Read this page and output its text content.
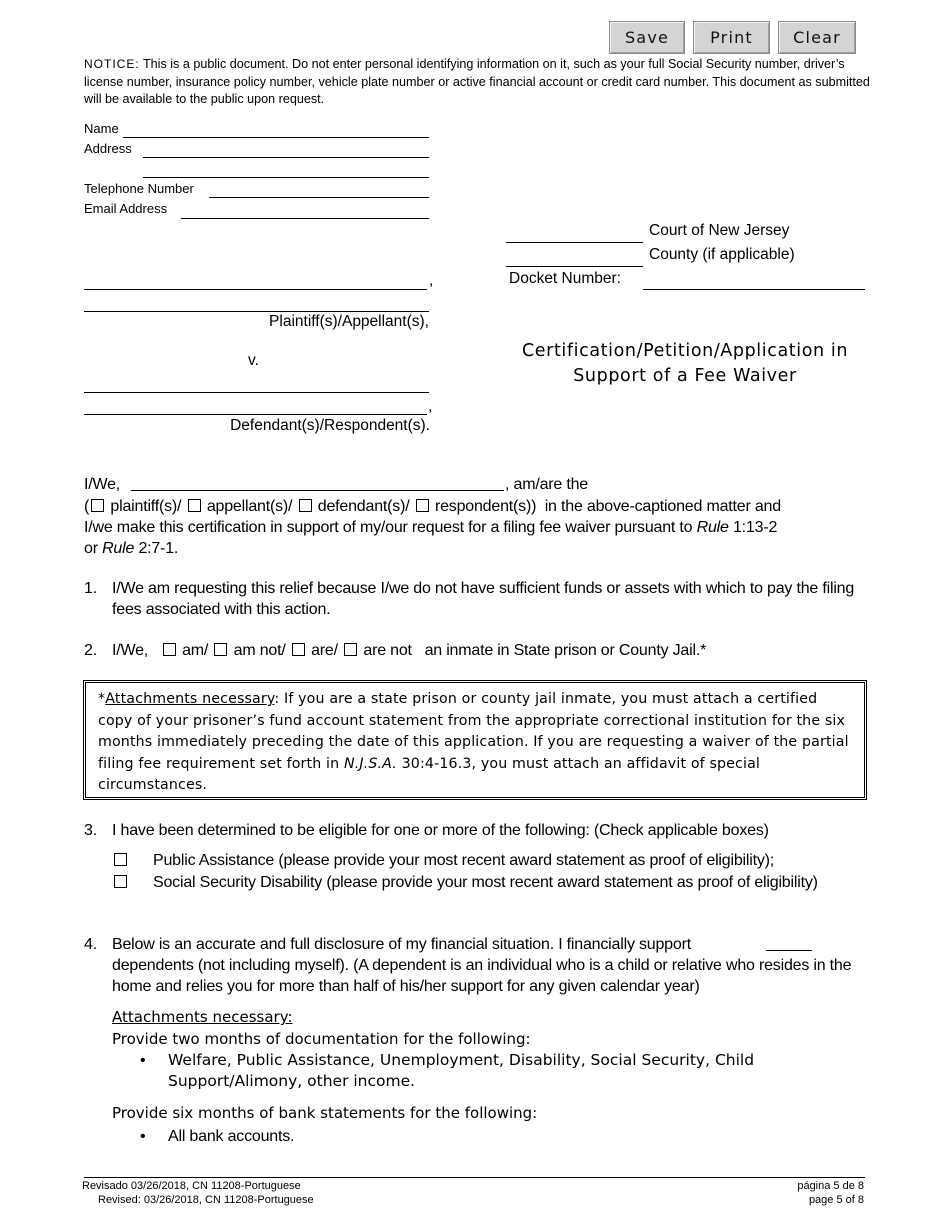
Save	Print	Clear
NOTICE: This is a public document. Do not enter personal identifying information on it, such as your full Social Security number, driver’s license number, insurance policy number, vehicle plate number or active financial account or credit card number. This document as submitted will be available to the public upon request.
Name
Address
Telephone Number
Email Address
Court of New Jersey
County (if applicable)
Docket Number:
,
Plaintiff(s)/Appellant(s),
v.
,
Defendant(s)/Respondent(s).
Certification/Petition/Application in
Support of a Fee Waiver
I/We,	, am/are the
( plaintiff(s)/ appellant(s)/ defendant(s)/ respondent(s)) in the above-captioned matter and
I/we make this certification in support of my/our request for a filing fee waiver pursuant to Rule 1:13-2
or Rule 2:7-1.
1. I/We am requesting this relief because I/we do not have sufficient funds or assets with which to pay the filing fees associated with this action.
2. I/We, am/ am not/ are/ are not an inmate in State prison or County Jail.*
*Attachments necessary: If you are a state prison or county jail inmate, you must attach a certified copy of your prisoner’s fund account statement from the appropriate correctional institution for the six months immediately preceding the date of this application. If you are requesting a waiver of the partial filing fee requirement set forth in N.J.S.A. 30:4-16.3, you must attach an affidavit of special circumstances.
3. I have been determined to be eligible for one or more of the following: (Check applicable boxes)
Public Assistance (please provide your most recent award statement as proof of eligibility);
Social Security Disability (please provide your most recent award statement as proof of eligibility)
4. Below is an accurate and full disclosure of my financial situation. I financially support
dependents (not including myself). (A dependent is an individual who is a child or relative who resides in the home and relies you for more than half of his/her support for any given calendar year)
Attachments necessary:
Provide two months of documentation for the following:
• Welfare, Public Assistance, Unemployment, Disability, Social Security, Child Support/Alimony, other income.
Provide six months of bank statements for the following:
• All bank accounts.
Revisado 03/26/2018, CN 11208-Portuguese
Revised: 03/26/2018, CN 11208-Portuguese
página 5 de 8
page 5 of 8
